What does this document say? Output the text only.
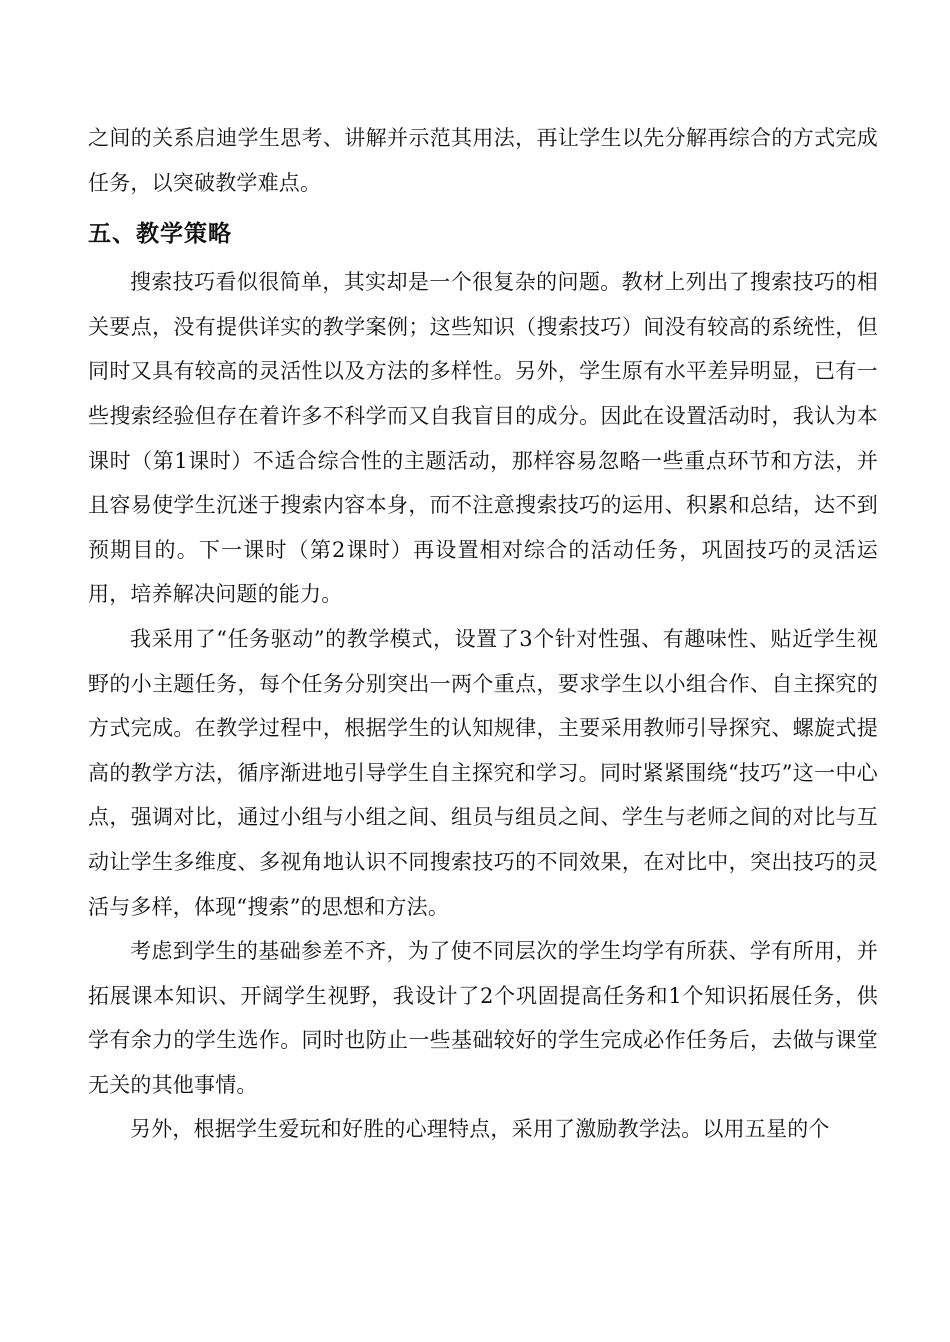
之间的关系启迪学生思考、讲解并示范其用法，再让学生以先分解再综合的方式完成任务，以突破教学难点。

五、教学策略

搜索技巧看似很简单，其实却是一个很复杂的问题。教材上列出了搜索技巧的相关要点，没有提供详实的教学案例；这些知识（搜索技巧）间没有较高的系统性，但同时又具有较高的灵活性以及方法的多样性。另外，学生原有水平差异明显，已有一些搜索经验但存在着许多不科学而又自我盲目的成分。因此在设置活动时，我认为本课时（第1课时）不适合综合性的主题活动，那样容易忽略一些重点环节和方法，并且容易使学生沉迷于搜索内容本身，而不注意搜索技巧的运用、积累和总结，达不到预期目的。下一课时（第2课时）再设置相对综合的活动任务，巩固技巧的灵活运用，培养解决问题的能力。

我采用了“任务驱动”的教学模式，设置了3个针对性强、有趣味性、贴近学生视野的小主题任务，每个任务分别突出一两个重点，要求学生以小组合作、自主探究的方式完成。在教学过程中，根据学生的认知规律，主要采用教师引导探究、螺旋式提高的教学方法，循序渐进地引导学生自主探究和学习。同时紧紧围绕“技巧”这一中心点，强调对比，通过小组与小组之间、组员与组员之间、学生与老师之间的对比与互动让学生多维度、多视角地认识不同搜索技巧的不同效果，在对比中，突出技巧的灵活与多样，体现“搜索”的思想和方法。

考虑到学生的基础参差不齐，为了使不同层次的学生均学有所获、学有所用，并拓展课本知识、开阔学生视野，我设计了2个巩固提高任务和1个知识拓展任务，供学有余力的学生选作。同时也防止一些基础较好的学生完成必作任务后，去做与课堂无关的其他事情。

另外，根据学生爱玩和好胜的心理特点，采用了激励教学法。以用五星的个
